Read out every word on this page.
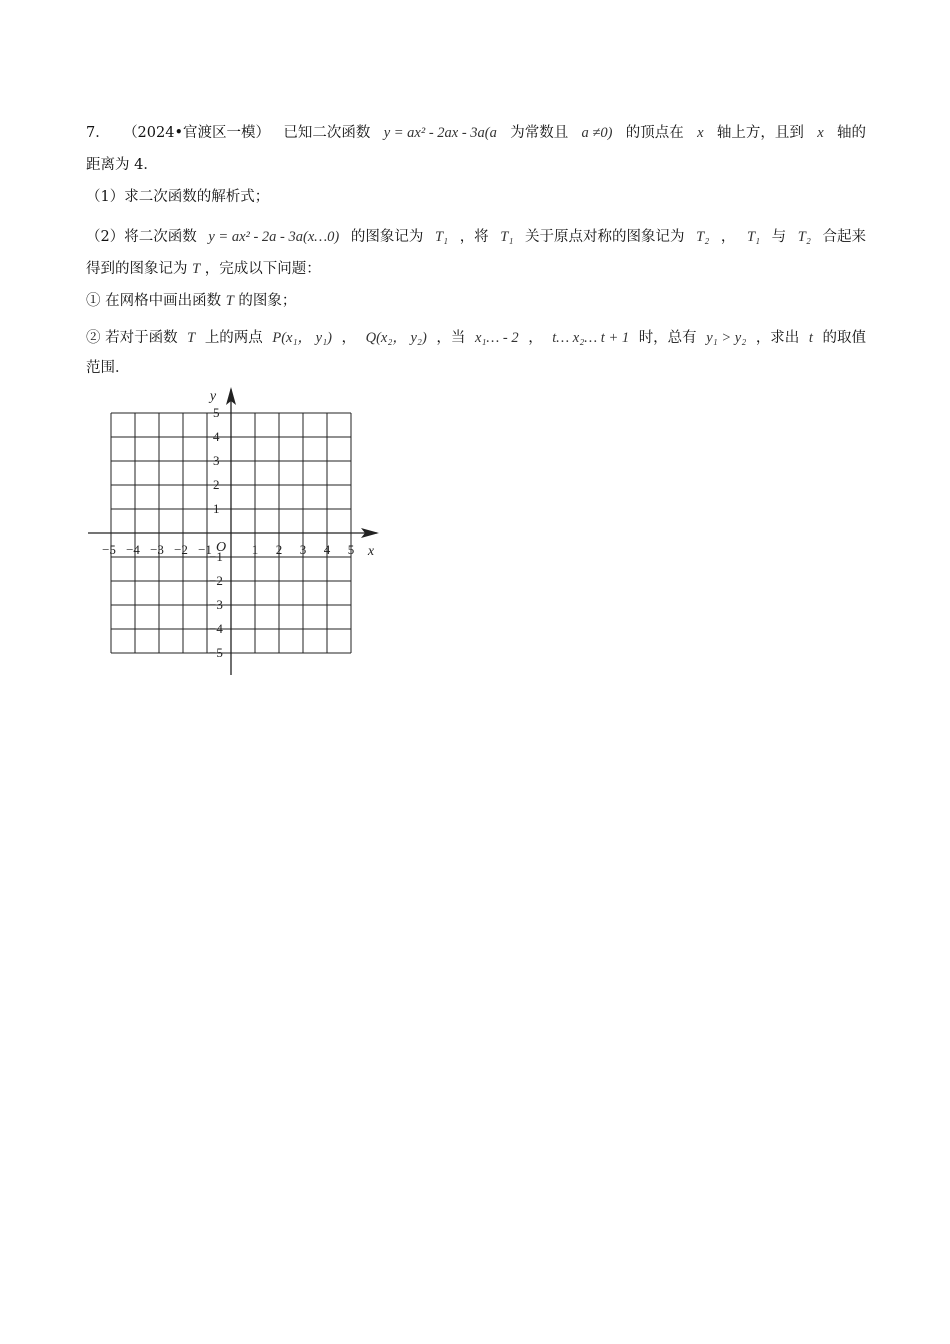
7． （2024•官渡区一模） 已知二次函数 y = ax² - 2ax - 3a(a 为常数且 a ≠0) 的顶点在 x 轴上方，且到 x 轴的
距离为 4．
（1）求二次函数的解析式；
（2）将二次函数 y = ax² - 2a - 3a(x…0) 的图象记为 T₁ ，将 T₁ 关于原点对称的图象记为 T₂ ， T₁ 与 T₂ 合起来
得到的图象记为 T ，完成以下问题：
① 在网格中画出函数 T 的图象；
② 若对于函数 T 上的两点 P(x₁， y₁) ， Q(x₂， y₂) ，当 x₁… - 2 ， t… x₂… t + 1 时，总有 y₁ > y₂ ，求出 t 的取值
范围．
y
x
O
−5 −4 −3 −2 −1	1 2 3 4 5
5
4
3
2
1
−1
−2
−3
−4
−5
